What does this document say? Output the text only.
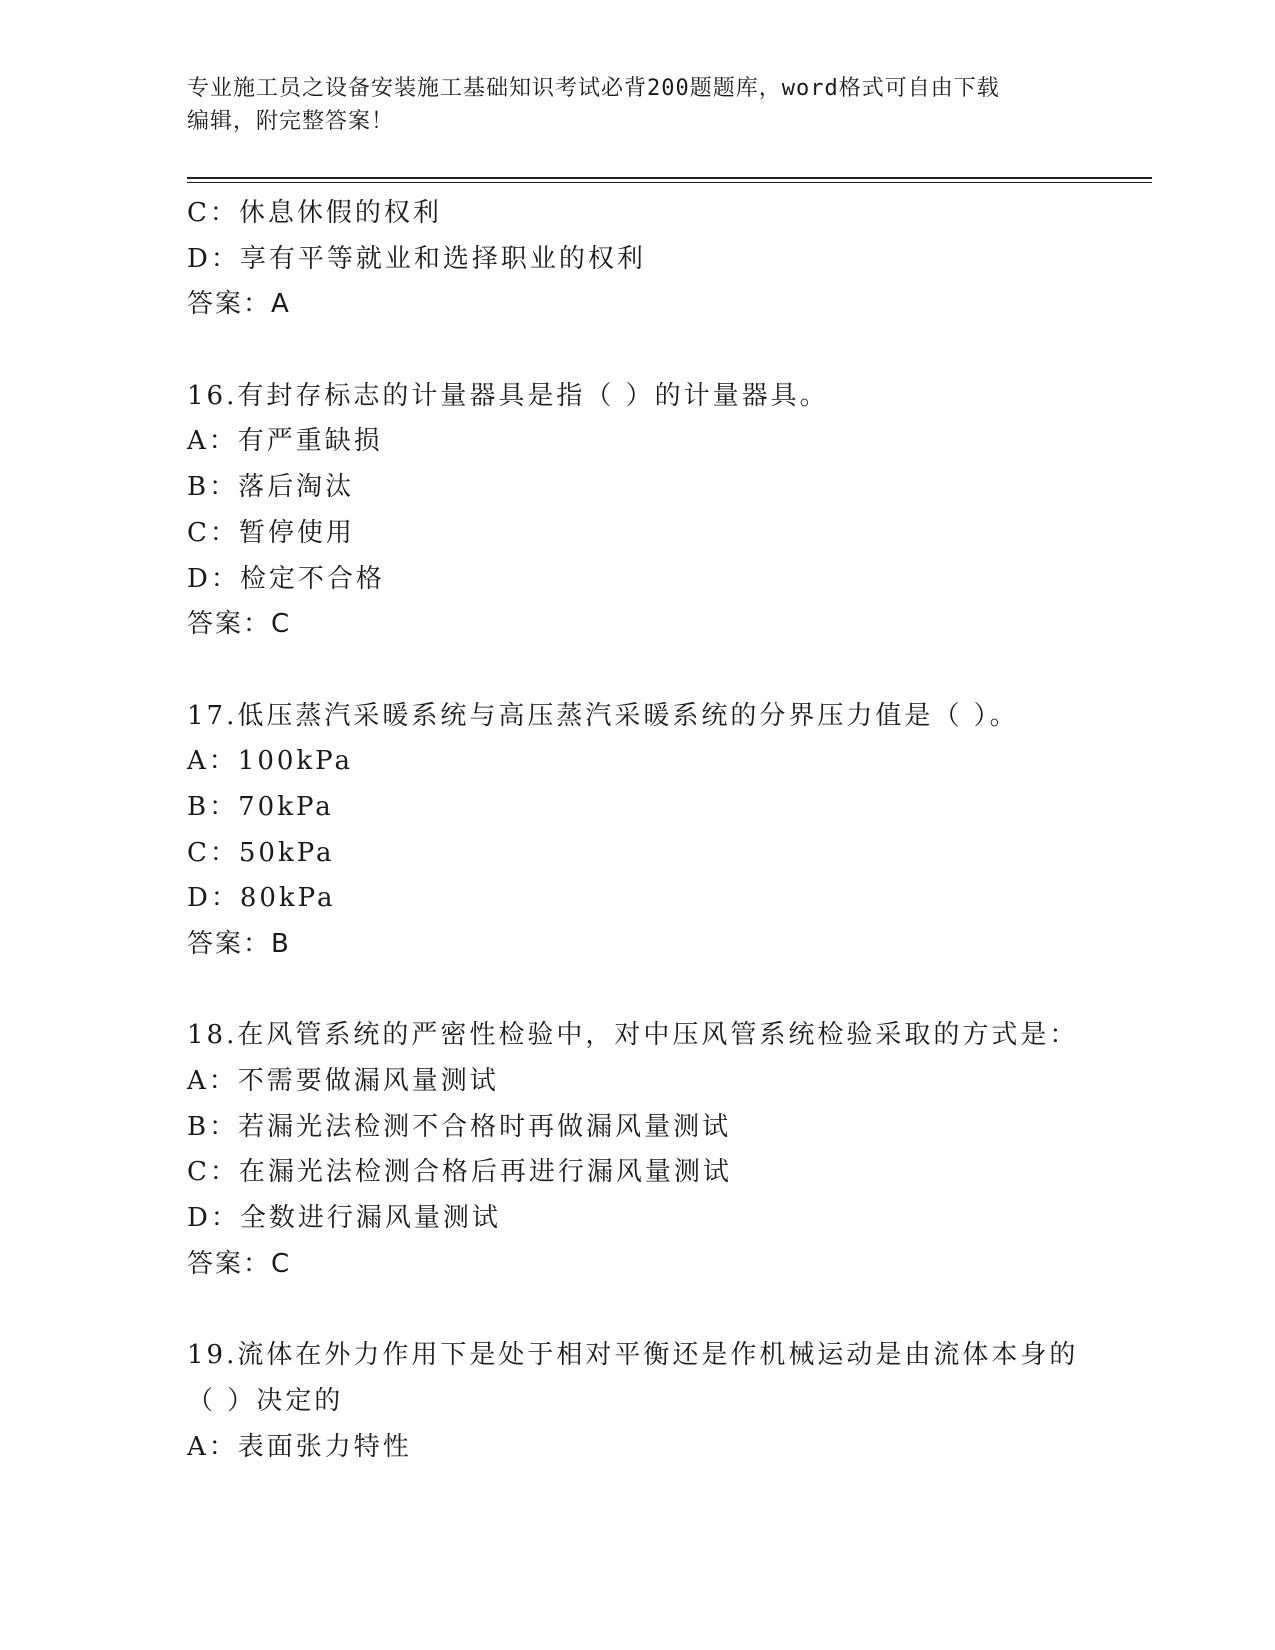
专业施工员之设备安装施工基础知识考试必背200题题库，word格式可自由下载
编辑，附完整答案！
C：休息休假的权利
D：享有平等就业和选择职业的权利
答案：A
16.有封存标志的计量器具是指（ ）的计量器具。
A：有严重缺损
B：落后淘汰
C：暂停使用
D：检定不合格
答案：C
17.低压蒸汽采暖系统与高压蒸汽采暖系统的分界压力值是（ ）。
A：100kPa
B：70kPa
C：50kPa
D：80kPa
答案：B
18.在风管系统的严密性检验中，对中压风管系统检验采取的方式是：
A：不需要做漏风量测试
B：若漏光法检测不合格时再做漏风量测试
C：在漏光法检测合格后再进行漏风量测试
D：全数进行漏风量测试
答案：C
19.流体在外力作用下是处于相对平衡还是作机械运动是由流体本身的
（ ）决定的
A：表面张力特性
